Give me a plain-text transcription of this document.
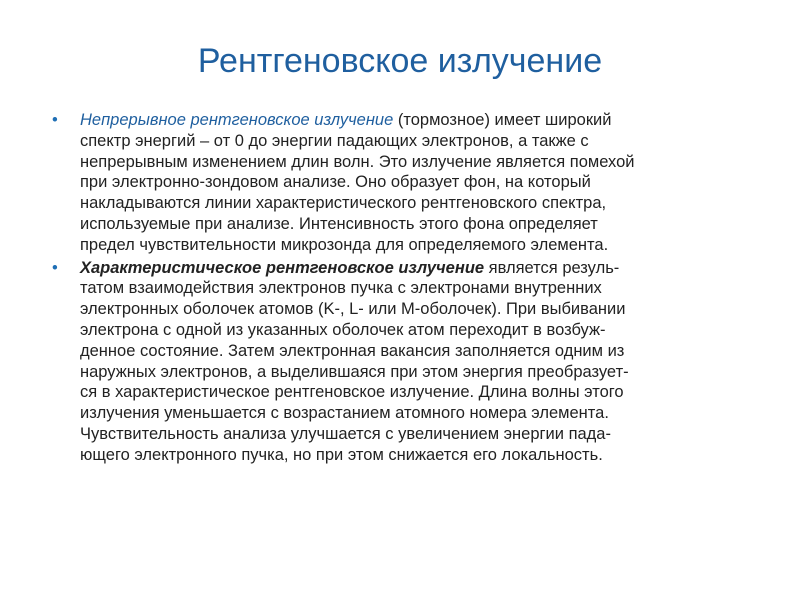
Рентгеновское излучение
• Непрерывное рентгеновское излучение (тормозное) имеет широкий
спектр энергий – от 0 до энергии падающих электронов, а также с
непрерывным изменением длин волн. Это излучение является помехой
при электронно-зондовом анализе. Оно образует фон, на который
накладываются линии характеристического рентгеновского спектра,
используемые при анализе. Интенсивность этого фона определяет
предел чувствительности микрозонда для определяемого элемента.
• Характеристическое рентгеновское излучение является резуль-
татом взаимодействия электронов пучка с электронами внутренних
электронных оболочек атомов (K-, L- или M-оболочек). При выбивании
электрона с одной из указанных оболочек атом переходит в возбуж-
денное состояние. Затем электронная вакансия заполняется одним из
наружных электронов, а выделившаяся при этом энергия преобразует-
ся в характеристическое рентгеновское излучение. Длина волны этого
излучения уменьшается с возрастанием атомного номера элемента.
Чувствительность анализа улучшается с увеличением энергии пада-
ющего электронного пучка, но при этом снижается его локальность.
